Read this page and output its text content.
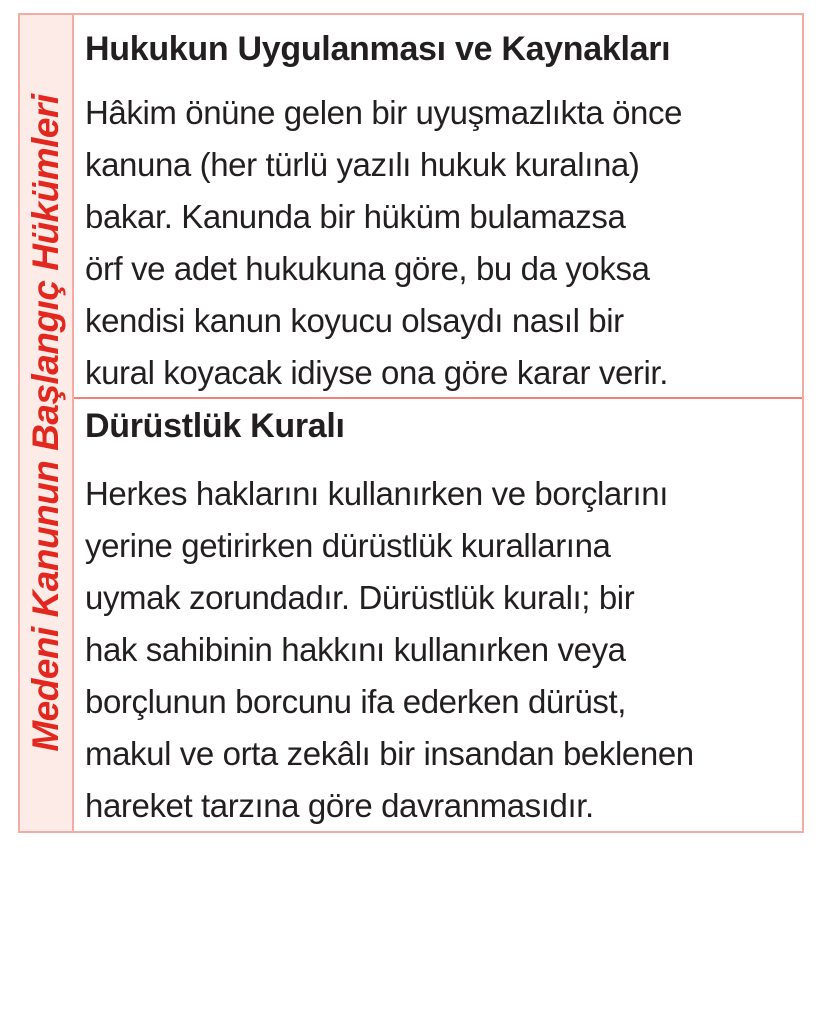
Medeni Kanunun Başlangıç Hükümleri
Hukukun Uygulanması ve Kaynakları
Hâkim önüne gelen bir uyuşmazlıkta önce
kanuna (her türlü yazılı hukuk kuralına)
bakar. Kanunda bir hüküm bulamazsa
örf ve adet hukukuna göre, bu da yoksa
kendisi kanun koyucu olsaydı nasıl bir
kural koyacak idiyse ona göre karar verir.
Dürüstlük Kuralı
Herkes haklarını kullanırken ve borçlarını
yerine getirirken dürüstlük kurallarına
uymak zorundadır. Dürüstlük kuralı; bir
hak sahibinin hakkını kullanırken veya
borçlunun borcunu ifa ederken dürüst,
makul ve orta zekâlı bir insandan beklenen
hareket tarzına göre davranmasıdır.
